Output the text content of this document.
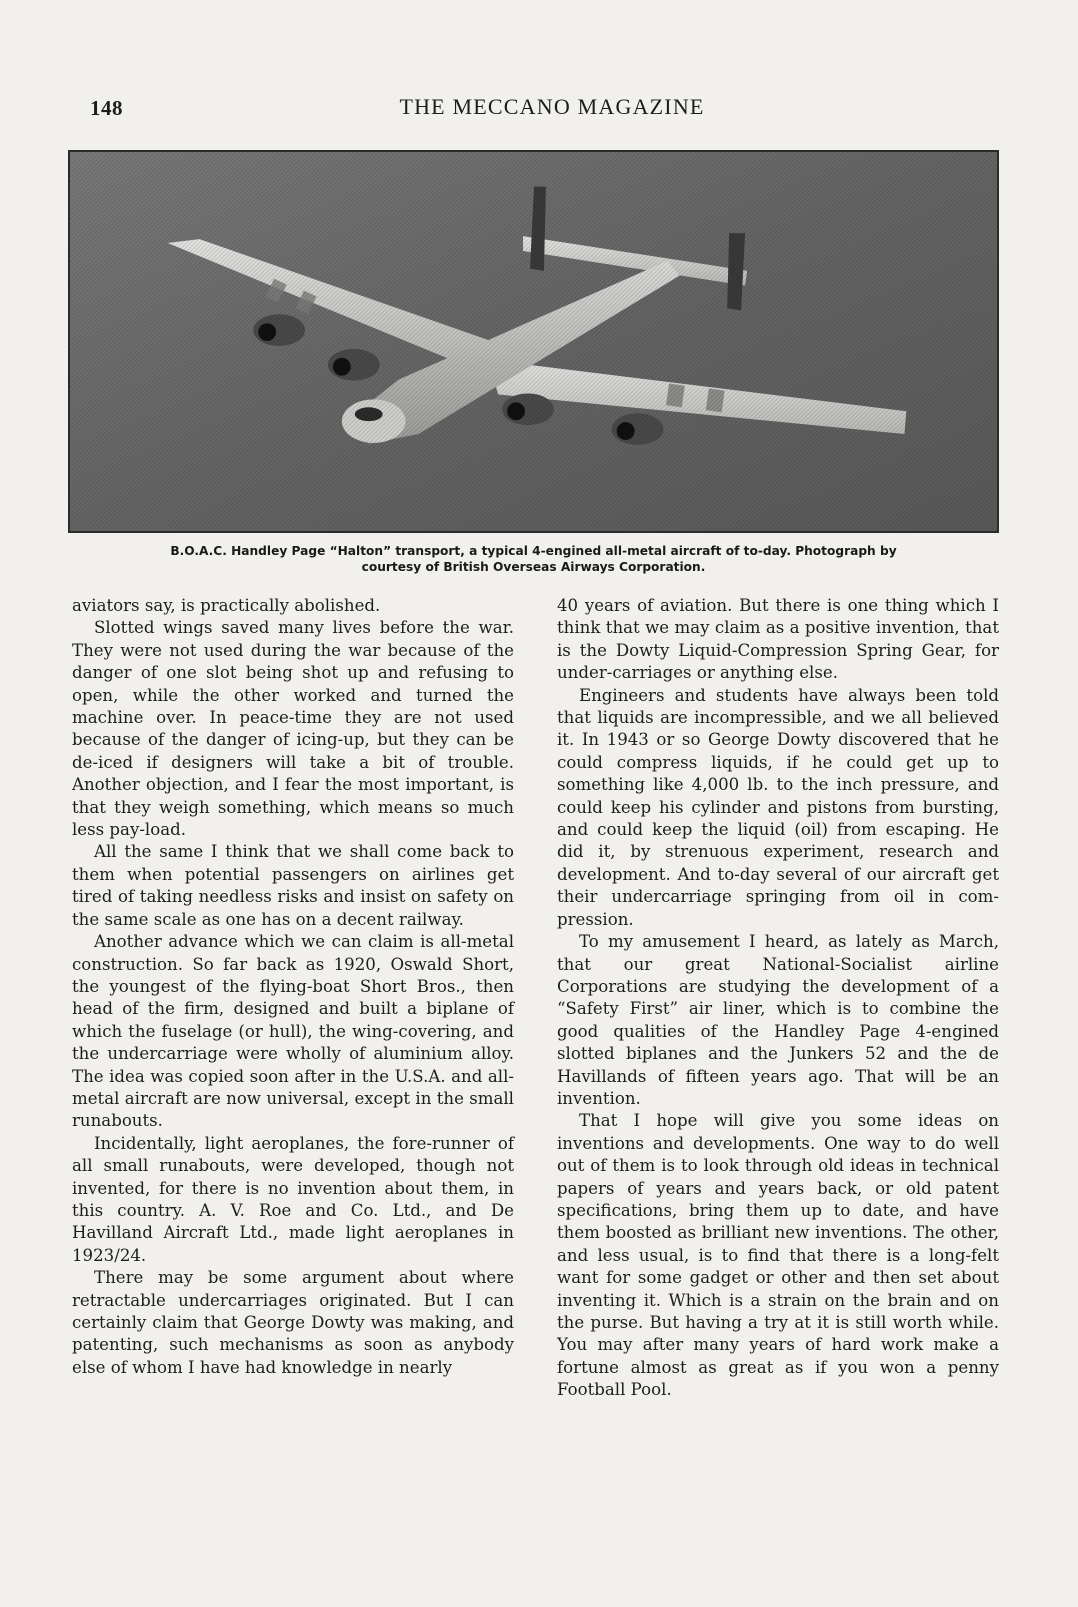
148	THE MECCANO MAGAZINE
B.O.A.C. Handley Page “Halton” transport, a typical 4-engined all-metal aircraft of to-day. Photograph by
courtesy of British Overseas Airways Corporation.

aviators say, is practically abolished.

Slotted wings saved many lives before the war. They were not used during the war because of the danger of one slot being shot up and refusing to open, while the other worked and turned the machine over. In peace-time they are not used because of the danger of icing-up, but they can be de-iced if designers will take a bit of trouble. Another objection, and I fear the most important, is that they weigh something, which means so much less pay-load.

All the same I think that we shall come back to them when potential passengers on airlines get tired of taking needless risks and insist on safety on the same scale as one has on a decent railway.

Another advance which we can claim is all-metal construction. So far back as 1920, Oswald Short, the youngest of the flying-boat Short Bros., then head of the firm, designed and built a biplane of which the fuselage (or hull), the wing-covering, and the undercarriage were wholly of aluminium alloy. The idea was copied soon after in the U.S.A. and all-metal aircraft are now universal, except in the small runabouts.

Incidentally, light aeroplanes, the fore-runner of all small runabouts, were developed, though not invented, for there is no invention about them, in this country. A. V. Roe and Co. Ltd., and De Havilland Aircraft Ltd., made light aeroplanes in 1923/24.

There may be some argument about where retractable undercarriages originated. But I can certainly claim that George Dowty was making, and patenting, such mechanisms as soon as anybody else of whom I have had knowledge in nearly

40 years of aviation. But there is one thing which I think that we may claim as a positive invention, that is the Dowty Liquid-Compression Spring Gear, for under-carriages or anything else.

Engineers and students have always been told that liquids are incompressible, and we all believed it. In 1943 or so George Dowty discovered that he could compress liquids, if he could get up to something like 4,000 lb. to the inch pressure, and could keep his cylinder and pistons from bursting, and could keep the liquid (oil) from escaping. He did it, by strenuous experiment, research and development. And to-day several of our aircraft get their undercarriage springing from oil in com-pression.

To my amusement I heard, as lately as March, that our great National-Socialist airline Corporations are studying the development of a “Safety First” air liner, which is to combine the good qualities of the Handley Page 4-engined slotted biplanes and the Junkers 52 and the de Havillands of fifteen years ago. That will be an invention.

That I hope will give you some ideas on inventions and developments. One way to do well out of them is to look through old ideas in technical papers of years and years back, or old patent specifications, bring them up to date, and have them boosted as brilliant new inventions. The other, and less usual, is to find that there is a long-felt want for some gadget or other and then set about inventing it. Which is a strain on the brain and on the purse. But having a try at it is still worth while. You may after many years of hard work make a fortune almost as great as if you won a penny Football Pool.
